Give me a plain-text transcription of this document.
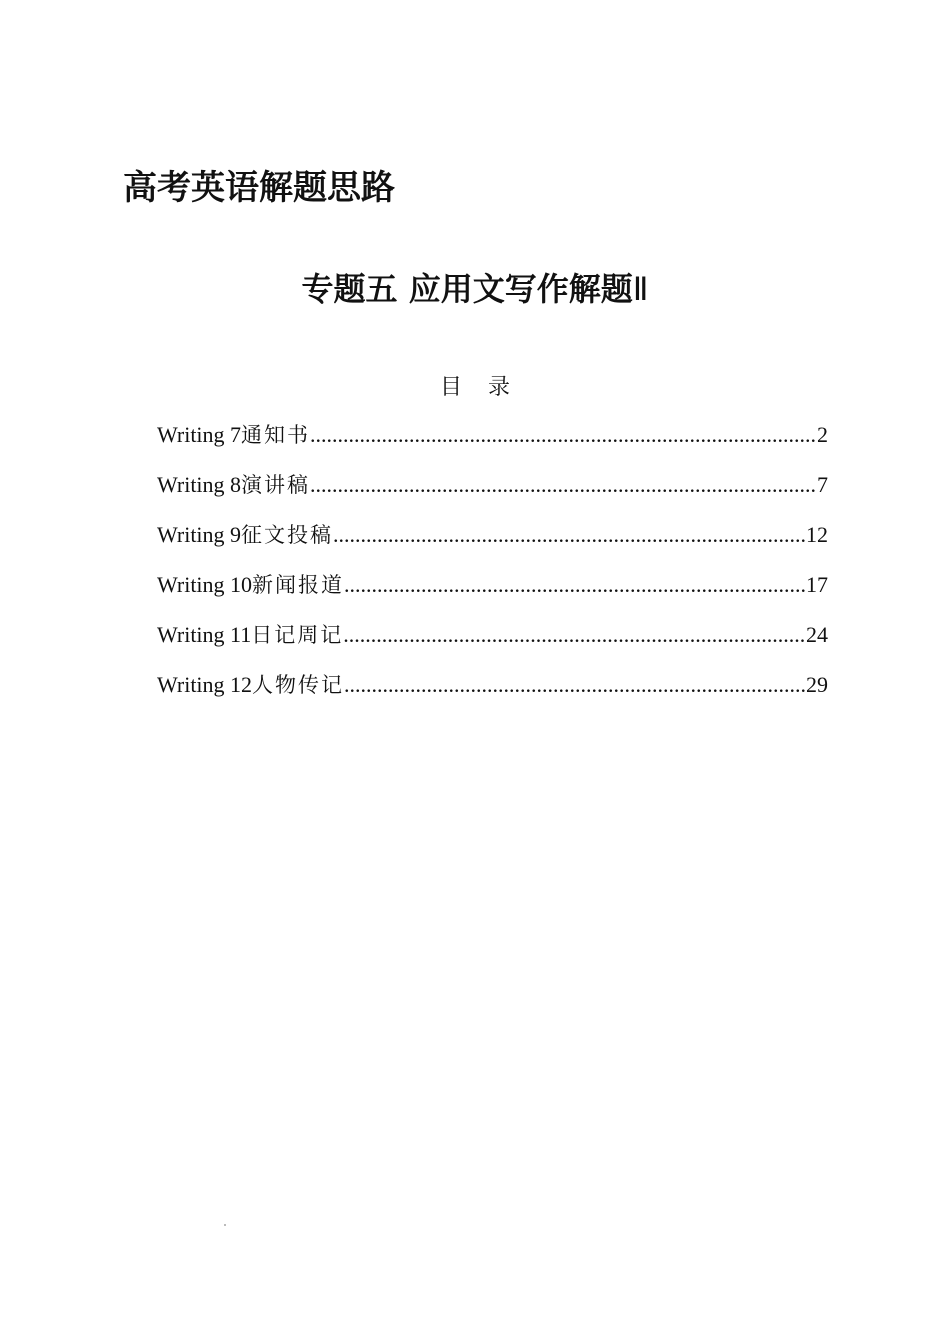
高考英语解题思路
专题五 应用文写作解题Ⅱ
目录
Writing 7 通知书 .....	2
Writing 8 演讲稿 .....	7
Writing 9 征文投稿 .....	12
Writing 10 新闻报道 .....	17
Writing 11 日记周记 .....	24
Writing 12 人物传记 .....	29
